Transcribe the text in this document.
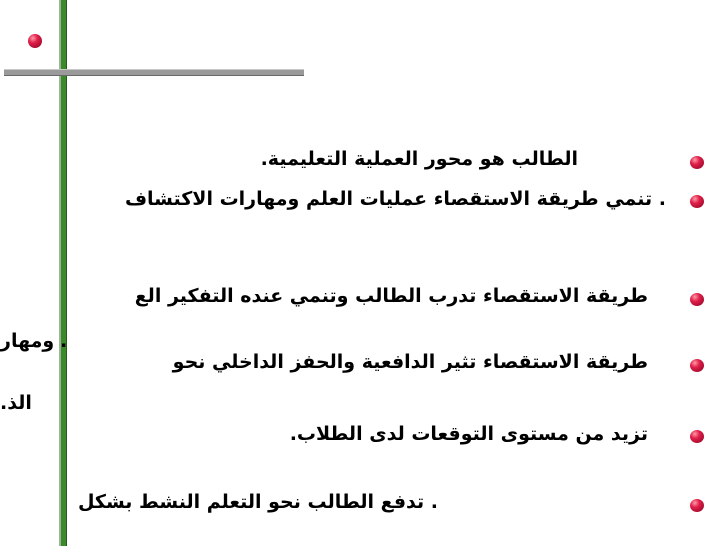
الطالب هو محور العملية التعليمية.
. تنمي طريقة الاستقصاء عمليات العلم ومهارات الاكتشاف
طريقة الاستقصاء تدرب الطالب وتنمي عنده التفكير الع
طريقة الاستقصاء تثير الدافعية والحفز الداخلي نحو
ومهار .
الذ.
تزيد من مستوى التوقعات لدى الطلاب.
. تدفع الطالب نحو التعلم النشط بشكل
